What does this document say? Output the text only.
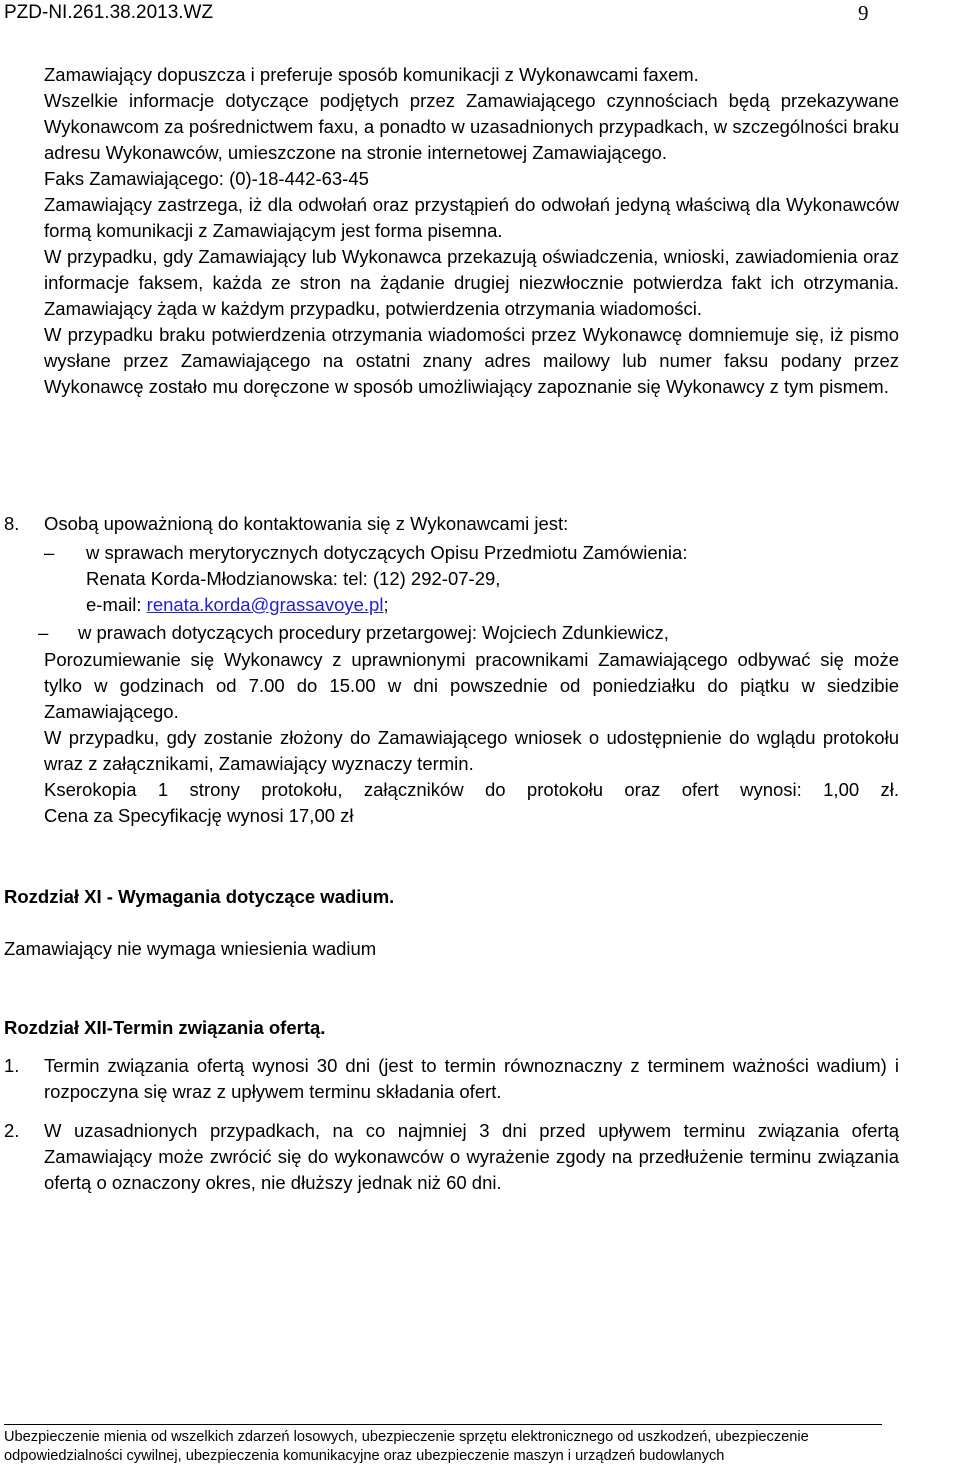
PZD-NI.261.38.2013.WZ	9

Zamawiający dopuszcza i preferuje sposób komunikacji z Wykonawcami faxem.

Wszelkie informacje dotyczące podjętych przez Zamawiającego czynnościach będą przekazywane Wykonawcom za pośrednictwem faxu, a ponadto w uzasadnionych przypadkach, w szczególności braku adresu Wykonawców, umieszczone na stronie internetowej Zamawiającego.

Faks Zamawiającego: (0)-18-442-63-45

Zamawiający zastrzega, iż dla odwołań oraz przystąpień do odwołań jedyną właściwą dla Wykonawców formą komunikacji z Zamawiającym jest forma pisemna.

W przypadku, gdy Zamawiający lub Wykonawca przekazują oświadczenia, wnioski, zawiadomienia oraz informacje faksem, każda ze stron na żądanie drugiej niezwłocznie potwierdza fakt ich otrzymania. Zamawiający żąda w każdym przypadku, potwierdzenia otrzymania wiadomości.

W przypadku braku potwierdzenia otrzymania wiadomości przez Wykonawcę domniemuje się, iż pismo wysłane przez Zamawiającego na ostatni znany adres mailowy lub numer faksu podany przez Wykonawcę zostało mu doręczone w sposób umożliwiający zapoznanie się Wykonawcy z tym pismem.

8. Osobą upoważnioną do kontaktowania się z Wykonawcami jest:
– w sprawach merytorycznych dotyczących Opisu Przedmiotu Zamówienia:
Renata Korda-Młodzianowska: tel: (12) 292-07-29,
e-mail: renata.korda@grassavoye.pl;
– w prawach dotyczących procedury przetargowej: Wojciech Zdunkiewicz,

Porozumiewanie się Wykonawcy z uprawnionymi pracownikami Zamawiającego odbywać się może tylko w godzinach od 7.00 do 15.00 w dni powszednie od poniedziałku do piątku w siedzibie Zamawiającego.

W przypadku, gdy zostanie złożony do Zamawiającego wniosek o udostępnienie do wglądu protokołu wraz z załącznikami, Zamawiający wyznaczy termin.

Kserokopia 1 strony protokołu, załączników do protokołu oraz ofert wynosi: 1,00 zł.

Cena za Specyfikację wynosi 17,00 zł

Rozdział XI - Wymagania dotyczące wadium.
Zamawiający nie wymaga wniesienia wadium
Rozdział XII-Termin związania ofertą.
1. Termin związania ofertą wynosi 30 dni (jest to termin równoznaczny z terminem ważności wadium) i rozpoczyna się wraz z upływem terminu składania ofert.

2. W uzasadnionych przypadkach, na co najmniej 3 dni przed upływem terminu związania ofertą Zamawiający może zwrócić się do wykonawców o wyrażenie zgody na przedłużenie terminu związania ofertą o oznaczony okres, nie dłuższy jednak niż 60 dni.

Ubezpieczenie mienia od wszelkich zdarzeń losowych, ubezpieczenie sprzętu elektronicznego od uszkodzeń, ubezpieczenie
odpowiedzialności cywilnej, ubezpieczenia komunikacyjne oraz ubezpieczenie maszyn i urządzeń budowlanych
